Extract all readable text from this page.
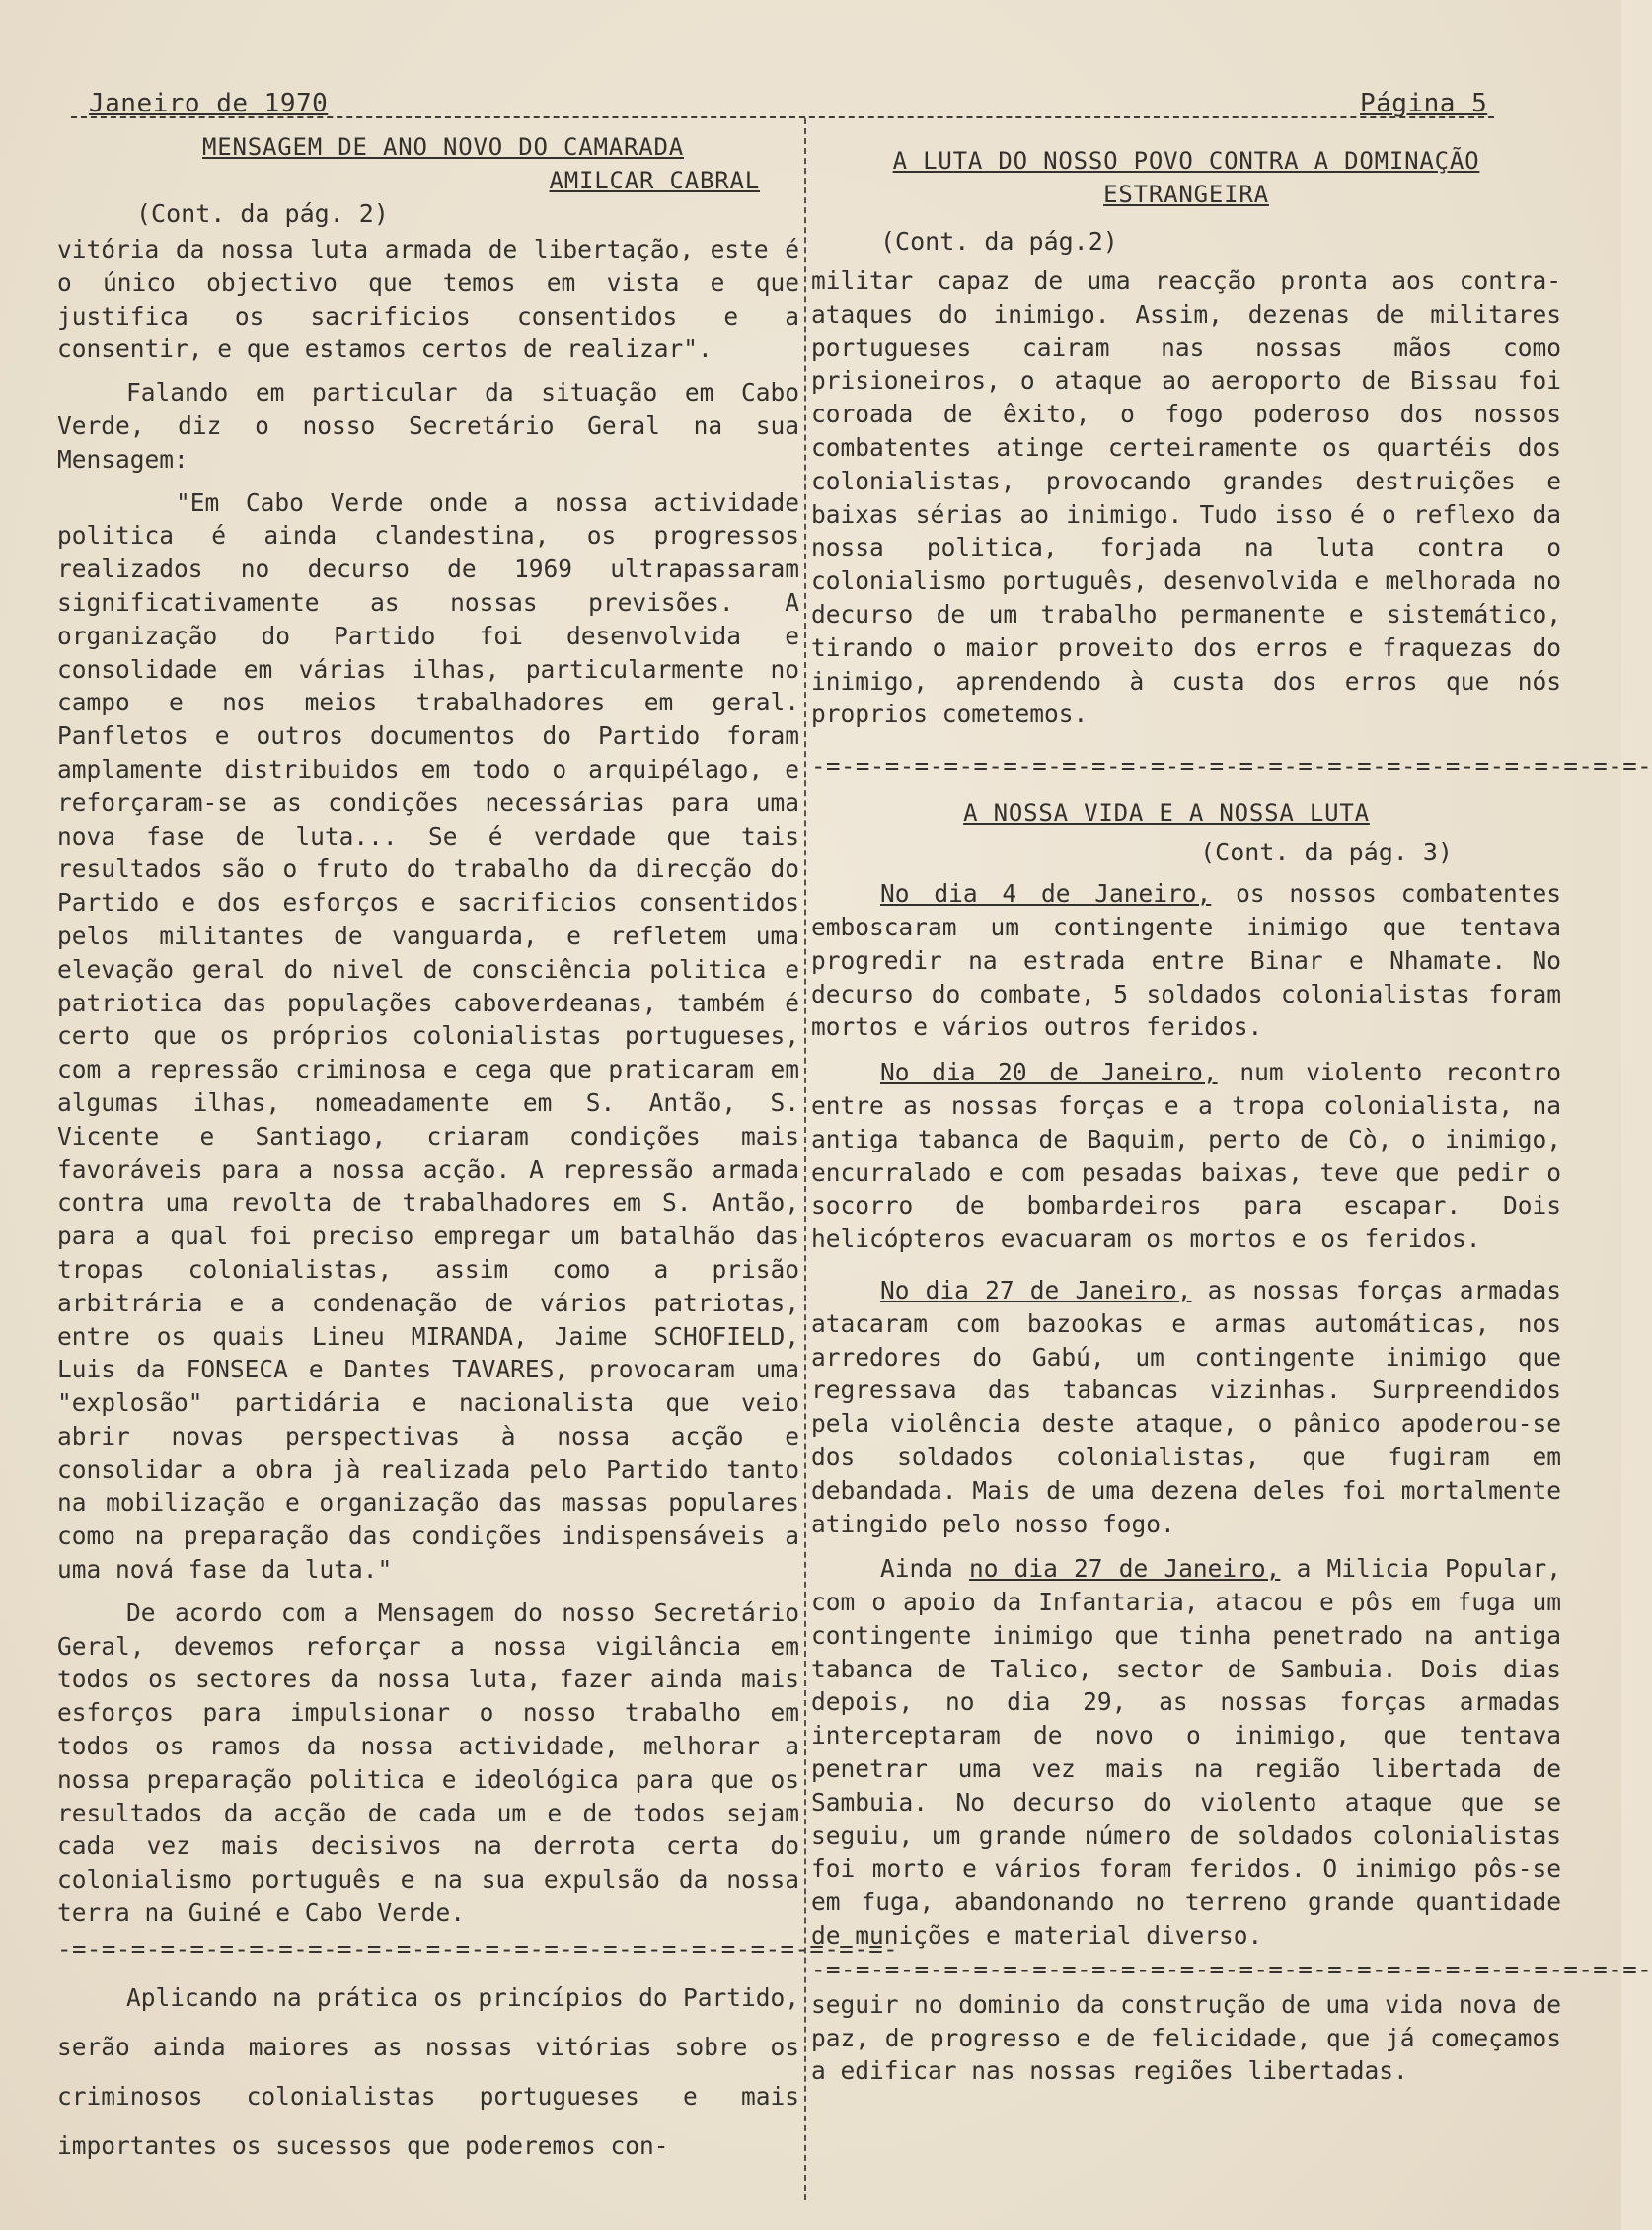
Janeiro de 1970	Página 5

MENSAGEM DE ANO NOVO DO CAMARADA

AMILCAR CABRAL

(Cont. da pág. 2)

vitória da nossa luta armada de libertação, este é o único objectivo que temos em vista e que justifica os sacrificios consentidos e a consentir, e que estamos certos de realizar".

Falando em particular da situação em Cabo Verde, diz o nosso Secretário Geral na sua Mensagem:

"Em Cabo Verde onde a nossa actividade politica é ainda clandestina, os progressos realizados no decurso de 1969 ultrapassaram significativamente as nossas previsões. A organização do Partido foi desenvolvida e consolidade em várias ilhas, particularmente no campo e nos meios trabalhadores em geral. Panfletos e outros documentos do Partido foram amplamente distribuidos em todo o arquipélago, e reforçaram-se as condições necessárias para uma nova fase de luta... Se é verdade que tais resultados são o fruto do trabalho da direcção do Partido e dos esforços e sacrificios consentidos pelos militantes de vanguarda, e refletem uma elevação geral do nivel de consciência politica e patriotica das populações caboverdeanas, também é certo que os próprios colonialistas portugueses, com a repressão criminosa e cega que praticaram em algumas ilhas, nomeadamente em S. Antão, S. Vicente e Santiago, criaram condições mais favoráveis para a nossa acção. A repressão armada contra uma revolta de trabalhadores em S. Antão, para a qual foi preciso empregar um batalhão das tropas colonialistas, assim como a prisão arbitrária e a condenação de vários patriotas, entre os quais Lineu MIRANDA, Jaime SCHOFIELD, Luis da FONSECA e Dantes TAVARES, provocaram uma "explosão" partidária e nacionalista que veio abrir novas perspectivas à nossa acção e consolidar a obra jà realizada pelo Partido tanto na mobilização e organização das massas populares como na preparação das condições indispensáveis a uma nová fase da luta."

De acordo com a Mensagem do nosso Secretário Geral, devemos reforçar a nossa vigilância em todos os sectores da nossa luta, fazer ainda mais esforços para impulsionar o nosso trabalho em todos os ramos da nossa actividade, melhorar a nossa preparação politica e ideológica para que os resultados da acção de cada um e de todos sejam cada vez mais decisivos na derrota certa do colonialismo português e na sua expulsão da nossa terra na Guiné e Cabo Verde.

-=-=-=-=-=-=-=-=-=-=-=-=-=-=-=-=-=-=-=-=-=-=-=-=-=-=-=-=-

Aplicando na prática os princípios do Partido, serão ainda maiores as nossas vitórias sobre os criminosos colonialistas portugueses e mais importantes os sucessos que poderemos con-

A LUTA DO NOSSO POVO CONTRA A DOMINAÇÃO

ESTRANGEIRA

(Cont. da pág.2)

militar capaz de uma reacção pronta aos contra-ataques do inimigo. Assim, dezenas de militares portugueses cairam nas nossas mãos como prisioneiros, o ataque ao aeroporto de Bissau foi coroada de êxito, o fogo poderoso dos nossos combatentes atinge certeiramente os quartéis dos colonialistas, provocando grandes destruições e baixas sérias ao inimigo. Tudo isso é o reflexo da nossa politica, forjada na luta contra o colonialismo português, desenvolvida e melhorada no decurso de um trabalho permanente e sistemático, tirando o maior proveito dos erros e fraquezas do inimigo, aprendendo à custa dos erros que nós proprios cometemos.

-=-=-=-=-=-=-=-=-=-=-=-=-=-=-=-=-=-=-=-=-=-=-=-=-=-=-=-=-

A NOSSA VIDA E A NOSSA LUTA

(Cont. da pág. 3)

No dia 4 de Janeiro, os nossos combatentes emboscaram um contingente inimigo que tentava progredir na estrada entre Binar e Nhamate. No decurso do combate, 5 soldados colonialistas foram mortos e vários outros feridos.

No dia 20 de Janeiro, num violento recontro entre as nossas forças e a tropa colonialista, na antiga tabanca de Baquim, perto de Cò, o inimigo, encurralado e com pesadas baixas, teve que pedir o socorro de bombardeiros para escapar. Dois helicópteros evacuaram os mortos e os feridos.

No dia 27 de Janeiro, as nossas forças armadas atacaram com bazookas e armas automáticas, nos arredores do Gabú, um contingente inimigo que regressava das tabancas vizinhas. Surpreendidos pela violência deste ataque, o pânico apoderou-se dos soldados colonialistas, que fugiram em debandada. Mais de uma dezena deles foi mortalmente atingido pelo nosso fogo.

Ainda no dia 27 de Janeiro, a Milicia Popular, com o apoio da Infantaria, atacou e pôs em fuga um contingente inimigo que tinha penetrado na antiga tabanca de Talico, sector de Sambuia. Dois dias depois, no dia 29, as nossas forças armadas interceptaram de novo o inimigo, que tentava penetrar uma vez mais na região libertada de Sambuia. No decurso do violento ataque que se seguiu, um grande número de soldados colonialistas foi morto e vários foram feridos. O inimigo pôs-se em fuga, abandonando no terreno grande quantidade de munições e material diverso.

-=-=-=-=-=-=-=-=-=-=-=-=-=-=-=-=-=-=-=-=-=-=-=-=-=-=-=-=-

seguir no dominio da construção de uma vida nova de paz, de progresso e de felicidade, que já começamos a edificar nas nossas regiões libertadas.
